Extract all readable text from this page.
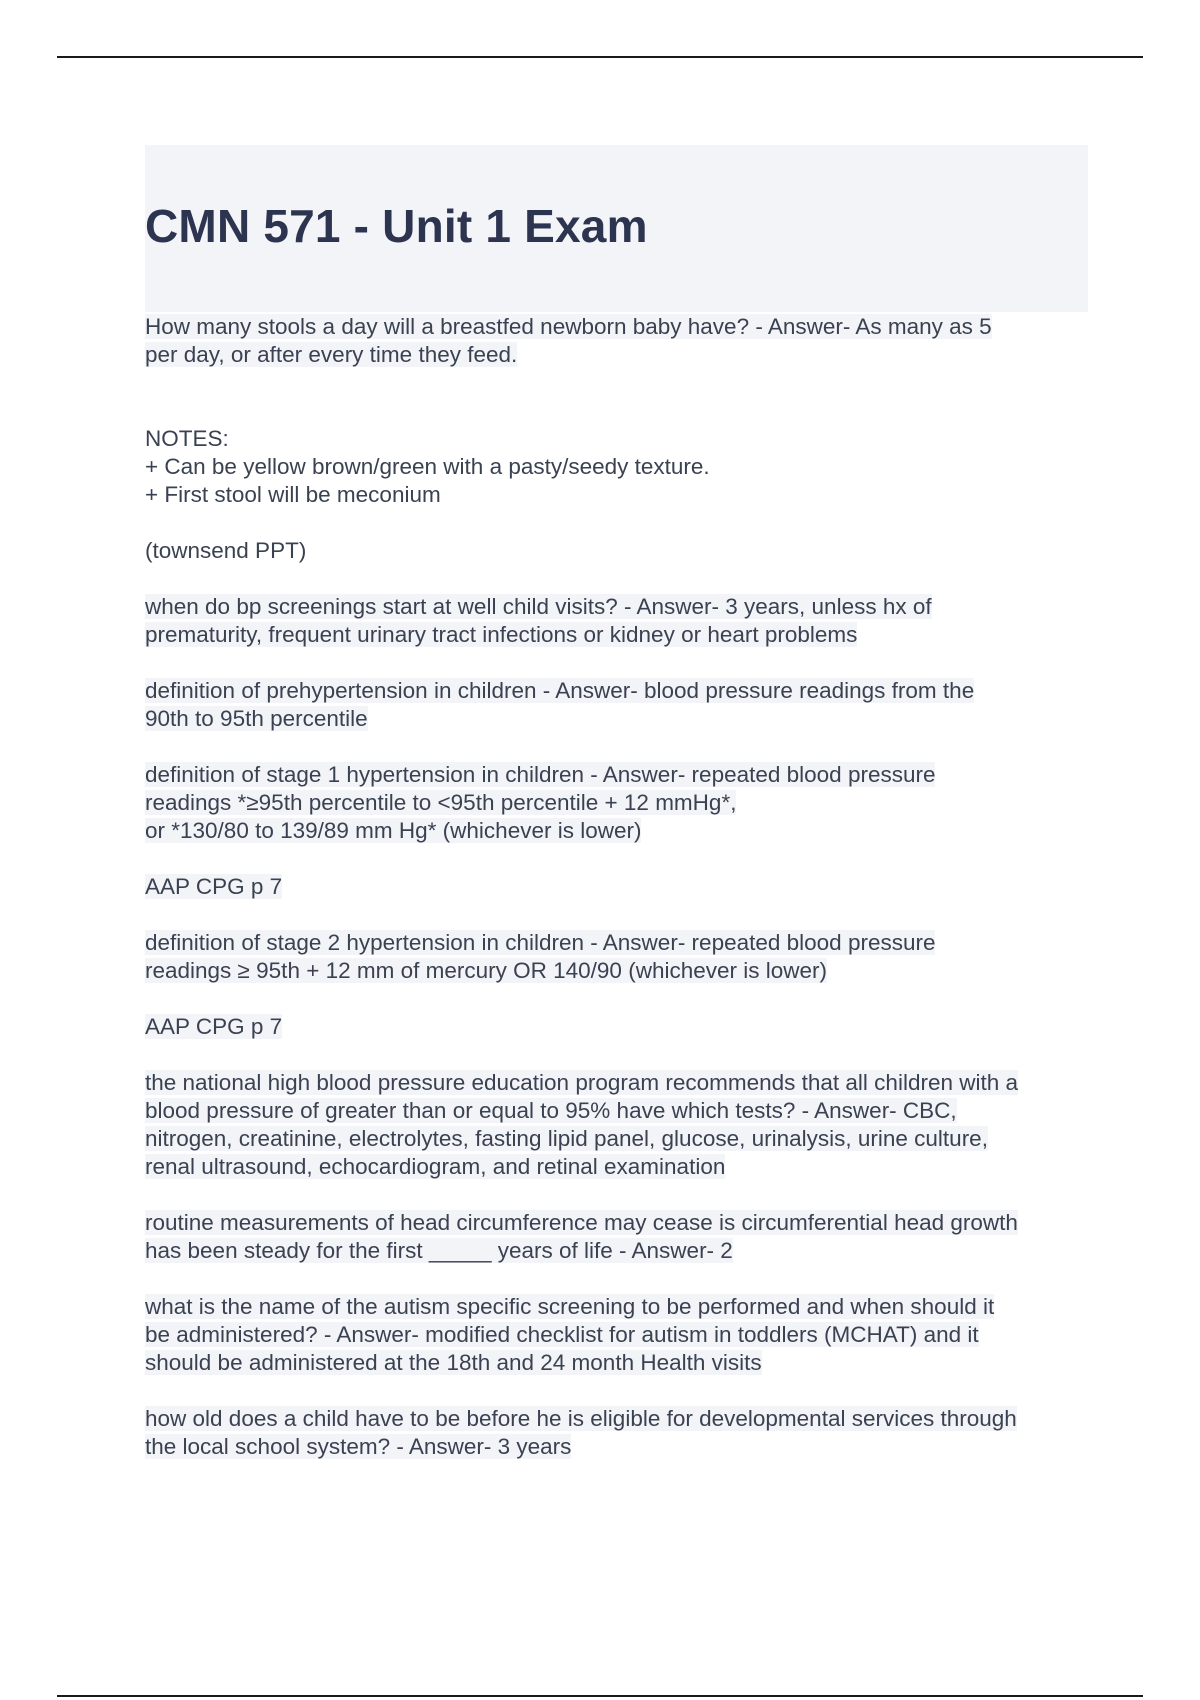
CMN 571 - Unit 1 Exam

How many stools a day will a breastfed newborn baby have? - Answer- As many as 5
per day, or after every time they feed.

NOTES:
+ Can be yellow brown/green with a pasty/seedy texture.
+ First stool will be meconium

(townsend PPT)

when do bp screenings start at well child visits? - Answer- 3 years, unless hx of
prematurity, frequent urinary tract infections or kidney or heart problems

definition of prehypertension in children - Answer- blood pressure readings from the
90th to 95th percentile

definition of stage 1 hypertension in children - Answer- repeated blood pressure
readings *≥95th percentile to <95th percentile + 12 mmHg*,
or *130/80 to 139/89 mm Hg* (whichever is lower)

AAP CPG p 7

definition of stage 2 hypertension in children - Answer- repeated blood pressure
readings ≥ 95th + 12 mm of mercury OR 140/90 (whichever is lower)

AAP CPG p 7

the national high blood pressure education program recommends that all children with a
blood pressure of greater than or equal to 95% have which tests? - Answer- CBC,
nitrogen, creatinine, electrolytes, fasting lipid panel, glucose, urinalysis, urine culture,
renal ultrasound, echocardiogram, and retinal examination

routine measurements of head circumference may cease is circumferential head growth
has been steady for the first _____ years of life - Answer- 2

what is the name of the autism specific screening to be performed and when should it
be administered? - Answer- modified checklist for autism in toddlers (MCHAT) and it
should be administered at the 18th and 24 month Health visits

how old does a child have to be before he is eligible for developmental services through
the local school system? - Answer- 3 years
